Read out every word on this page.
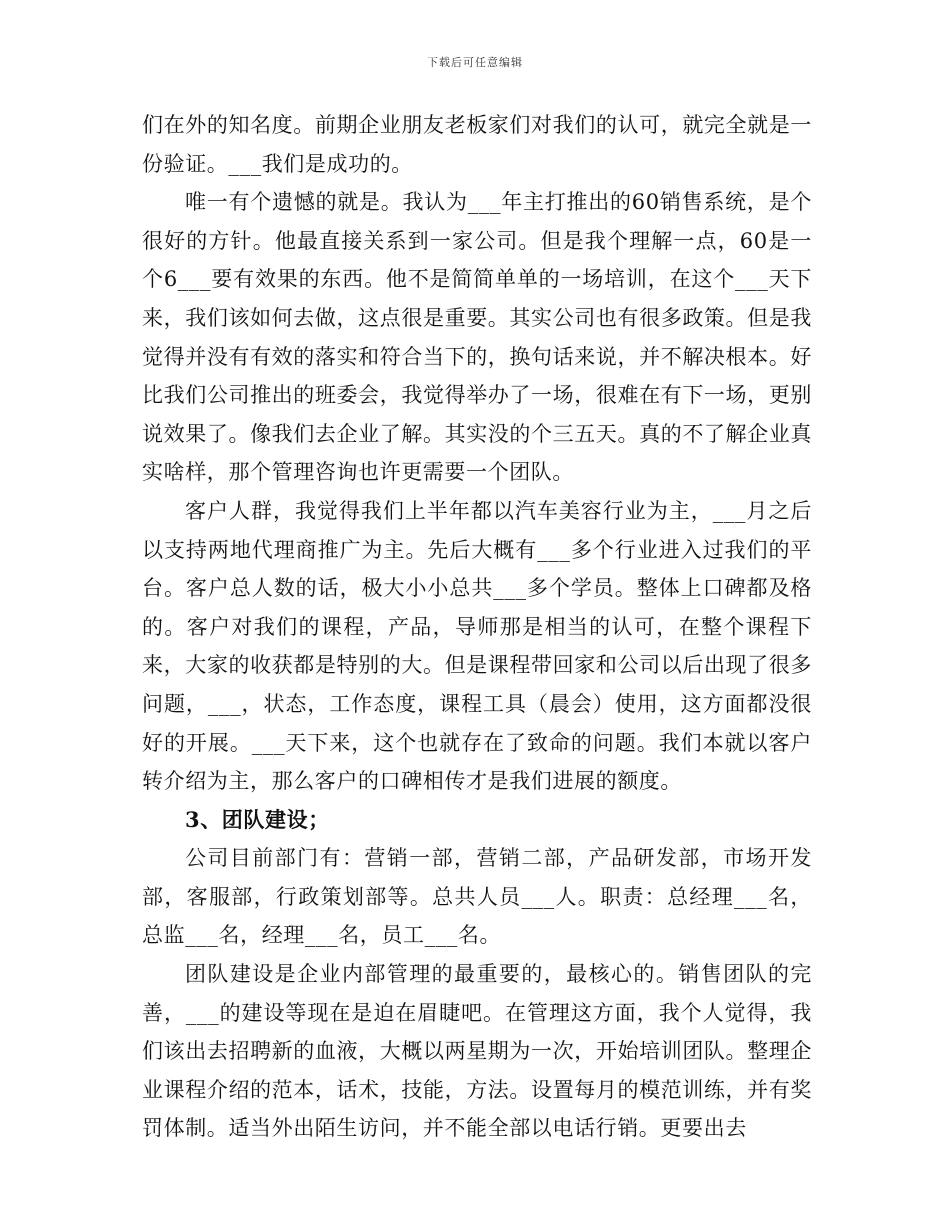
下载后可任意编辑

们在外的知名度。前期企业朋友老板家们对我们的认可，就完全就是一份验证。___我们是成功的。

唯一有个遗憾的就是。我认为___年主打推出的60销售系统，是个很好的方针。他最直接关系到一家公司。但是我个理解一点，60是一个6___要有效果的东西。他不是简简单单的一场培训，在这个___天下来，我们该如何去做，这点很是重要。其实公司也有很多政策。但是我觉得并没有有效的落实和符合当下的，换句话来说，并不解决根本。好比我们公司推出的班委会，我觉得举办了一场，很难在有下一场，更别说效果了。像我们去企业了解。其实没的个三五天。真的不了解企业真实啥样，那个管理咨询也许更需要一个团队。

客户人群，我觉得我们上半年都以汽车美容行业为主，___月之后以支持两地代理商推广为主。先后大概有___多个行业进入过我们的平台。客户总人数的话，极大小小总共___多个学员。整体上口碑都及格的。客户对我们的课程，产品，导师那是相当的认可，在整个课程下来，大家的收获都是特别的大。但是课程带回家和公司以后出现了很多问题，___，状态，工作态度，课程工具（晨会）使用，这方面都没很好的开展。___天下来，这个也就存在了致命的问题。我们本就以客户转介绍为主，那么客户的口碑相传才是我们进展的额度。

3、团队建设；

公司目前部门有：营销一部，营销二部，产品研发部，市场开发部，客服部，行政策划部等。总共人员___人。职责：总经理___名，总监___名，经理___名，员工___名。

团队建设是企业内部管理的最重要的，最核心的。销售团队的完善，___的建设等现在是迫在眉睫吧。在管理这方面，我个人觉得，我们该出去招聘新的血液，大概以两星期为一次，开始培训团队。整理企业课程介绍的范本，话术，技能，方法。设置每月的模范训练，并有奖罚体制。适当外出陌生访问，并不能全部以电话行销。更要出去
